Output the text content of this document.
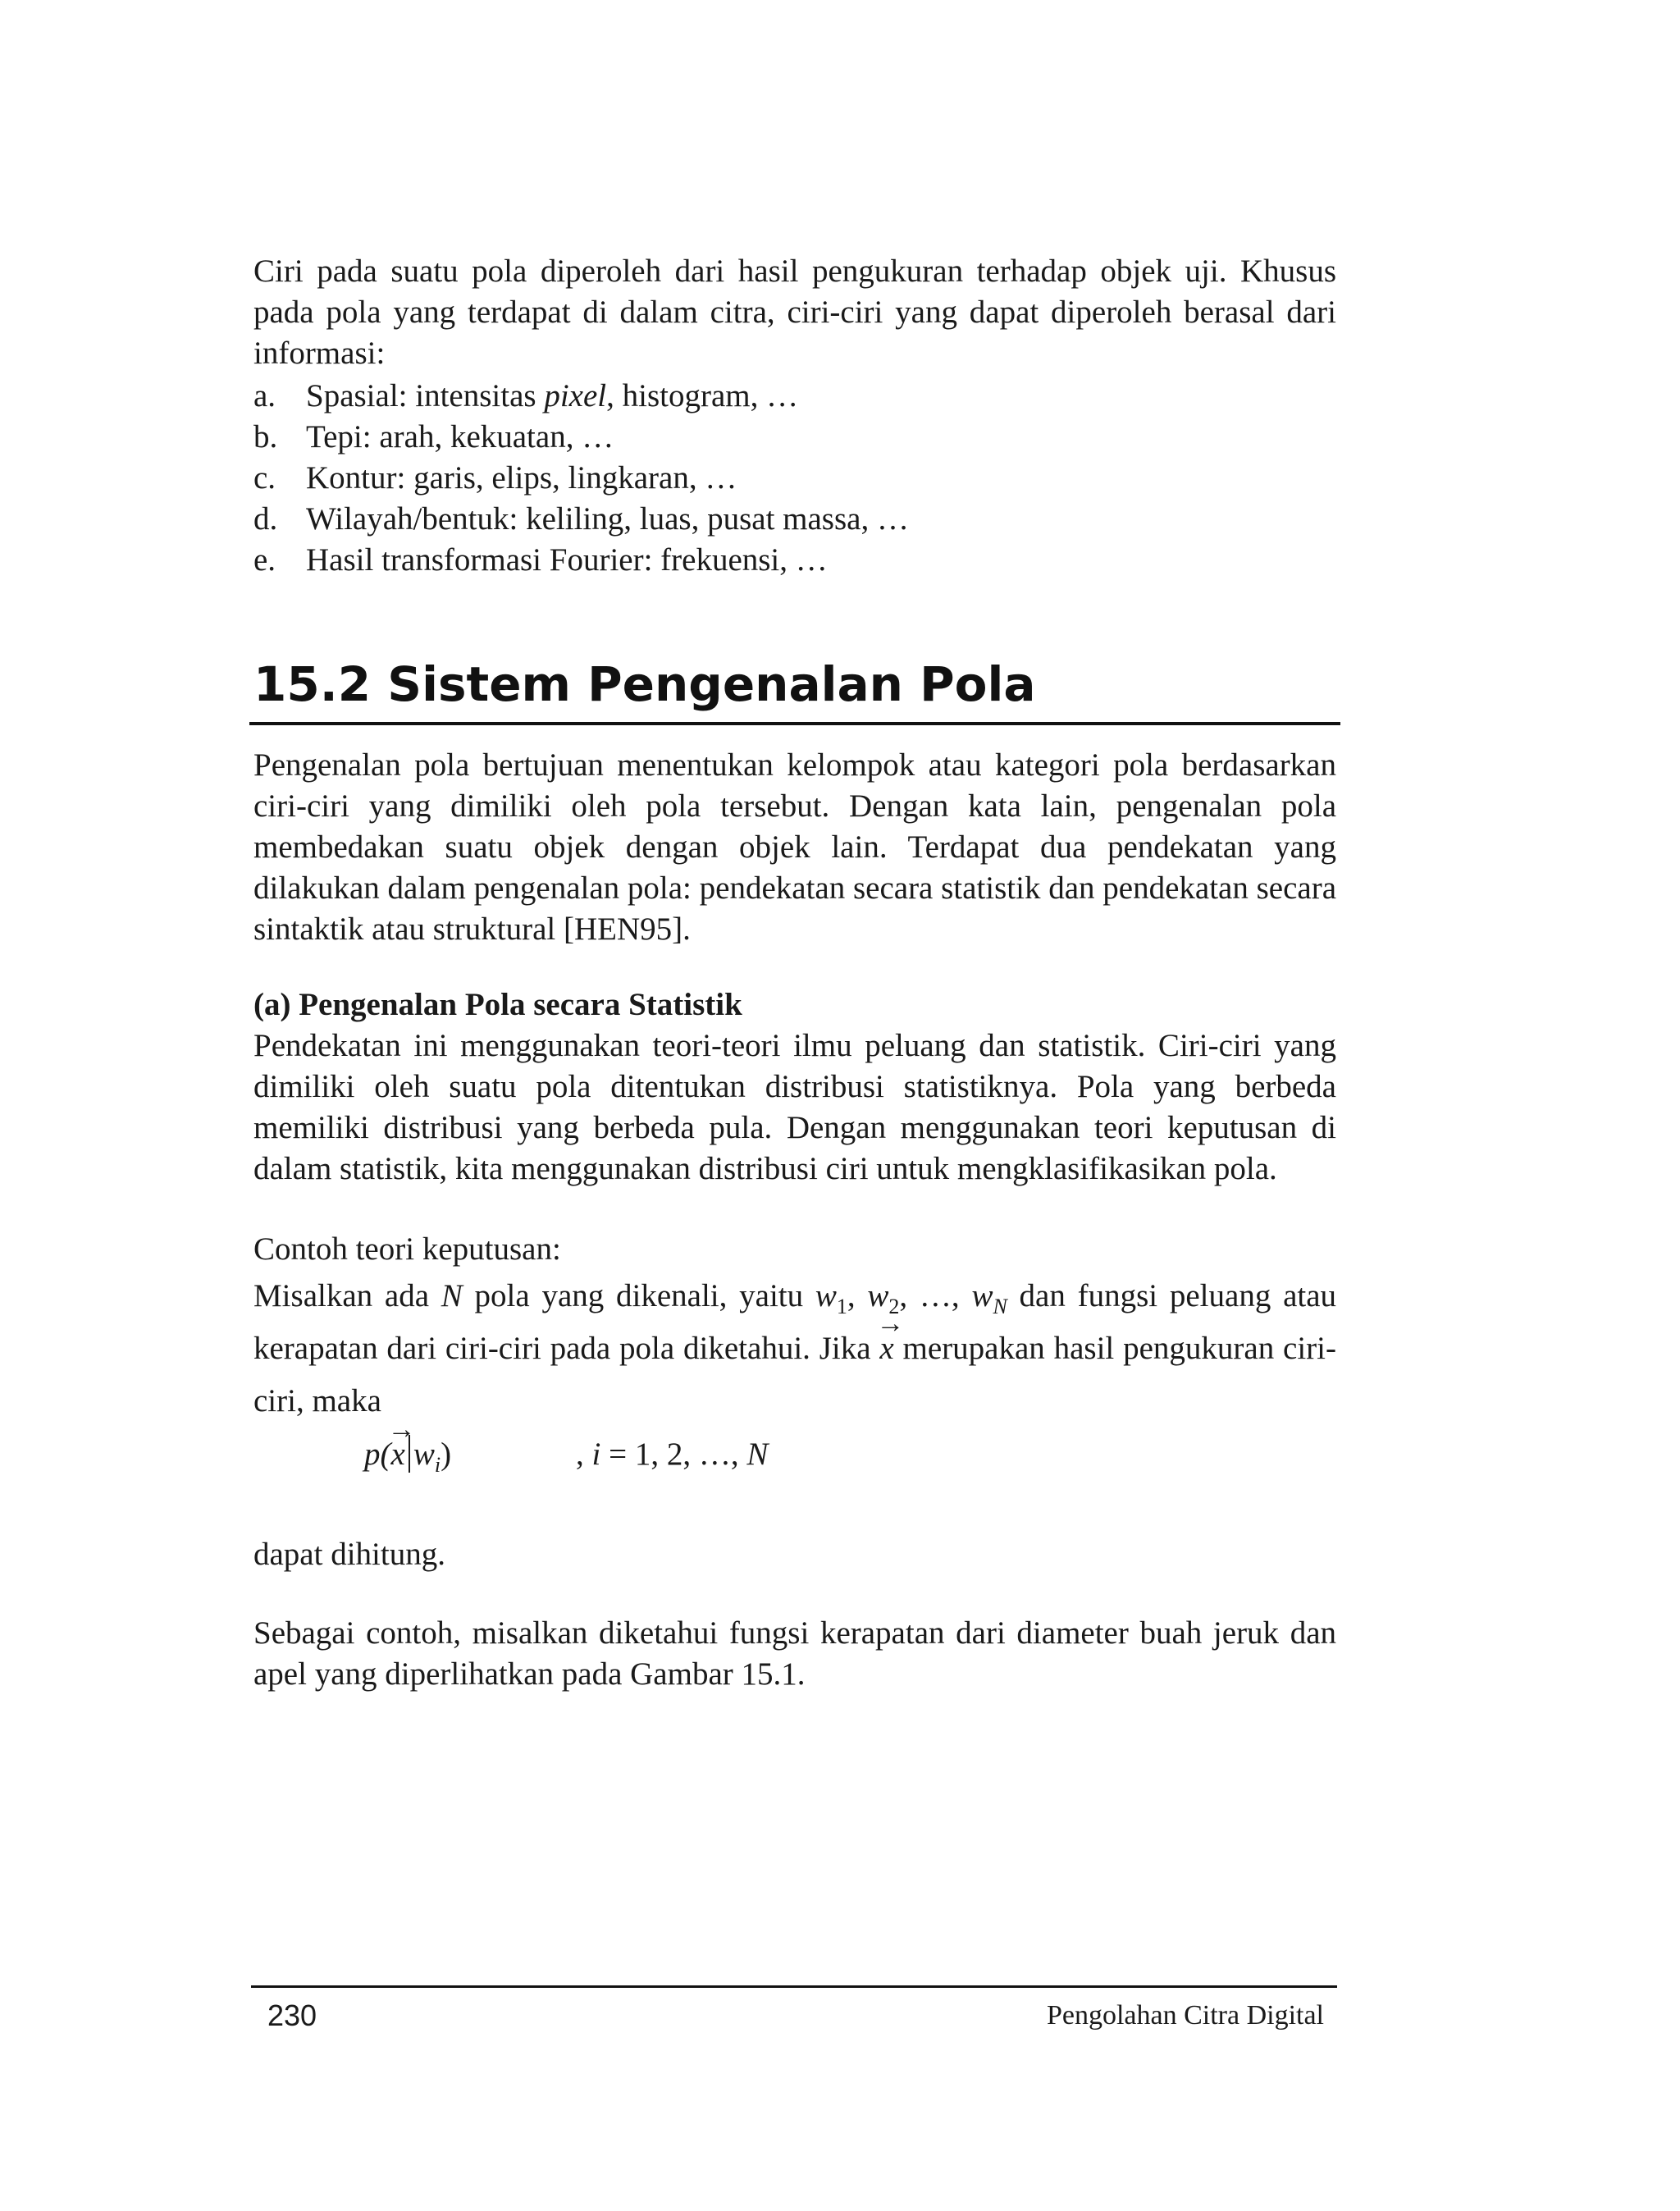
Ciri pada suatu pola diperoleh dari hasil pengukuran terhadap objek uji. Khusus pada pola yang terdapat di dalam citra, ciri-ciri yang dapat diperoleh berasal dari informasi:

a. Spasial: intensitas pixel, histogram, …
b. Tepi: arah, kekuatan, …
c. Kontur: garis, elips, lingkaran, …
d. Wilayah/bentuk: keliling, luas, pusat massa, …
e. Hasil transformasi Fourier: frekuensi, …
15.2 Sistem Pengenalan Pola

Pengenalan pola bertujuan menentukan kelompok atau kategori pola berdasarkan ciri-ciri yang dimiliki oleh pola tersebut. Dengan kata lain, pengenalan pola membedakan suatu objek dengan objek lain. Terdapat dua pendekatan yang dilakukan dalam pengenalan pola: pendekatan secara statistik dan pendekatan secara sintaktik atau struktural [HEN95].

(a) Pengenalan Pola secara Statistik

Pendekatan ini menggunakan teori-teori ilmu peluang dan statistik. Ciri-ciri yang dimiliki oleh suatu pola ditentukan distribusi statistiknya. Pola yang berbeda memiliki distribusi yang berbeda pula. Dengan menggunakan teori keputusan di dalam statistik, kita menggunakan distribusi ciri untuk mengklasifikasikan pola.

Contoh teori keputusan:

Misalkan ada N pola yang dikenali, yaitu $w_1$, $w_2$, …, $w_N$ dan fungsi peluang atau kerapatan dari ciri-ciri pada pola diketahui. Jika → x merupakan hasil pengukuran ciri-ciri, maka

p(→ x $w_i$)	, i = 1, 2, …, N

dapat dihitung.

Sebagai contoh, misalkan diketahui fungsi kerapatan dari diameter buah jeruk dan apel yang diperlihatkan pada Gambar 15.1.

230	Pengolahan Citra Digital
